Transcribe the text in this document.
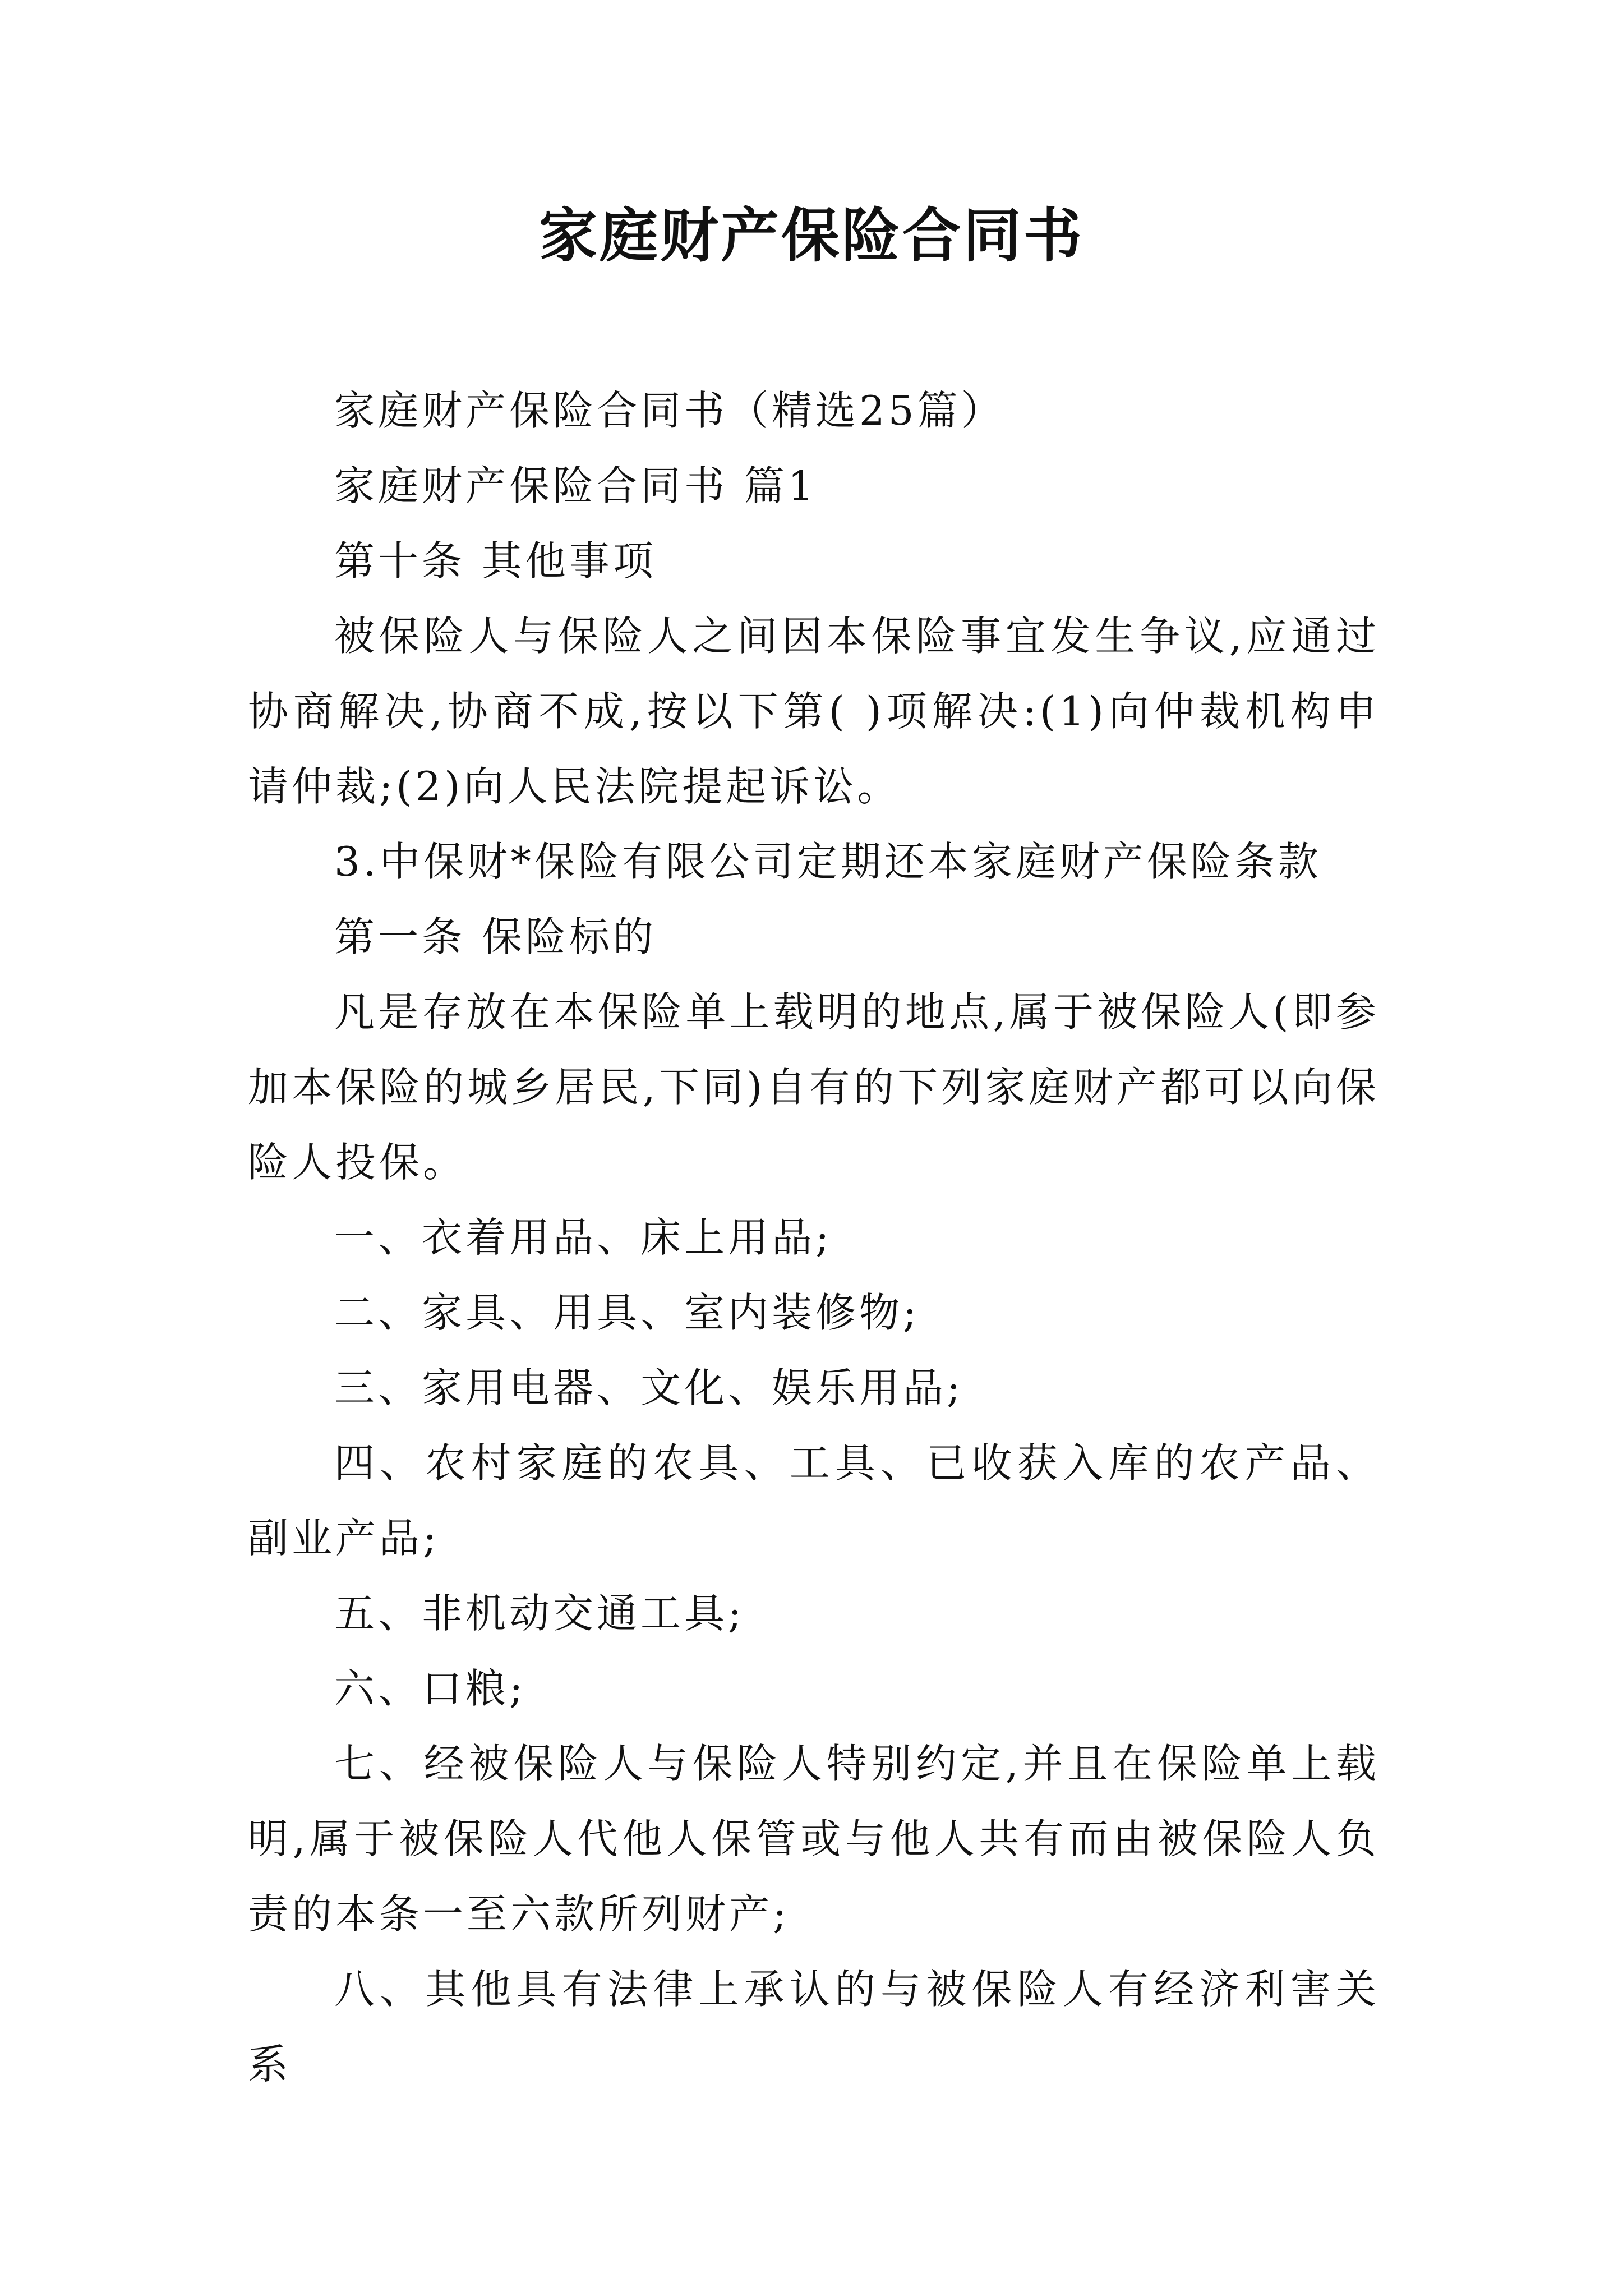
家庭财产保险合同书

家庭财产保险合同书（精选25篇）

家庭财产保险合同书 篇1

第十条 其他事项

被保险人与保险人之间因本保险事宜发生争议,应通过协商解决,协商不成,按以下第( )项解决:(1)向仲裁机构申请仲裁;(2)向人民法院提起诉讼。

3.中保财*保险有限公司定期还本家庭财产保险条款

第一条 保险标的

凡是存放在本保险单上载明的地点,属于被保险人(即参加本保险的城乡居民,下同)自有的下列家庭财产都可以向保险人投保。

一、衣着用品、床上用品;

二、家具、用具、室内装修物;

三、家用电器、文化、娱乐用品;

四、农村家庭的农具、工具、已收获入库的农产品、副业产品;

五、非机动交通工具;

六、口粮;

七、经被保险人与保险人特别约定,并且在保险单上载明,属于被保险人代他人保管或与他人共有而由被保险人负责的本条一至六款所列财产;

八、其他具有法律上承认的与被保险人有经济利害关系
